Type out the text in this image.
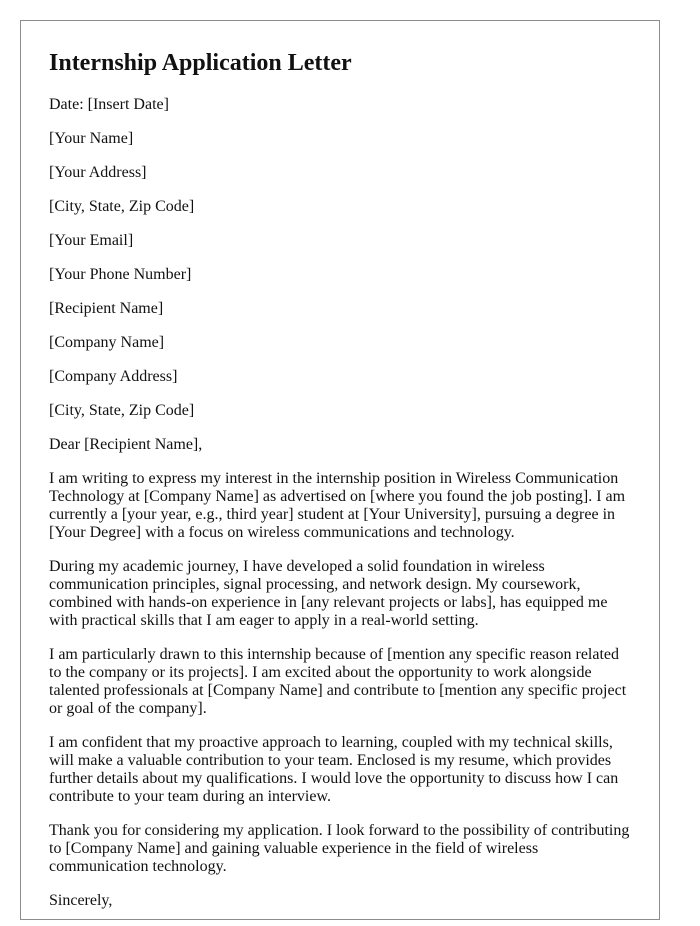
Internship Application Letter
Date: [Insert Date]
[Your Name]
[Your Address]
[City, State, Zip Code]
[Your Email]
[Your Phone Number]
[Recipient Name]
[Company Name]
[Company Address]
[City, State, Zip Code]
Dear [Recipient Name],

I am writing to express my interest in the internship position in Wireless Communication Technology at [Company Name] as advertised on [where you found the job posting]. I am currently a [your year, e.g., third year] student at [Your University], pursuing a degree in [Your Degree] with a focus on wireless communications and technology.

During my academic journey, I have developed a solid foundation in wireless communication principles, signal processing, and network design. My coursework, combined with hands-on experience in [any relevant projects or labs], has equipped me with practical skills that I am eager to apply in a real-world setting.

I am particularly drawn to this internship because of [mention any specific reason related to the company or its projects]. I am excited about the opportunity to work alongside talented professionals at [Company Name] and contribute to [mention any specific project or goal of the company].

I am confident that my proactive approach to learning, coupled with my technical skills, will make a valuable contribution to your team. Enclosed is my resume, which provides further details about my qualifications. I would love the opportunity to discuss how I can contribute to your team during an interview.

Thank you for considering my application. I look forward to the possibility of contributing to [Company Name] and gaining valuable experience in the field of wireless communication technology.

Sincerely,
